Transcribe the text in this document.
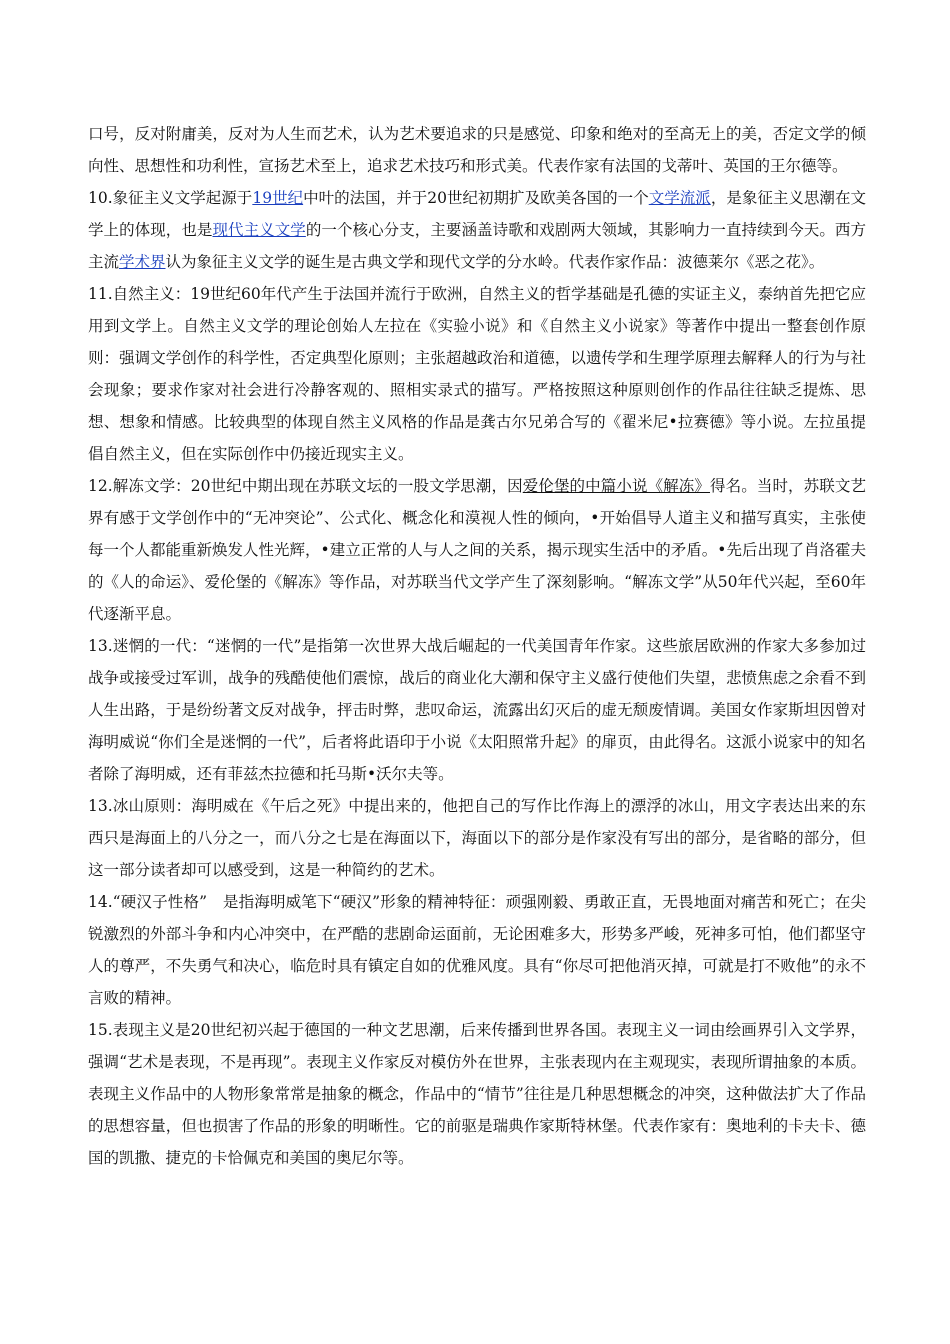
口号，反对附庸美，反对为人生而艺术，认为艺术要追求的只是感觉、印象和绝对的至高无上的美，否定文学的倾向性、思想性和功利性，宣扬艺术至上，追求艺术技巧和形式美。代表作家有法国的戈蒂叶、英国的王尔德等。

10.象征主义文学起源于19世纪中叶的法国，并于20世纪初期扩及欧美各国的一个文学流派，是象征主义思潮在文学上的体现，也是现代主义文学的一个核心分支，主要涵盖诗歌和戏剧两大领域，其影响力一直持续到今天。西方主流学术界认为象征主义文学的诞生是古典文学和现代文学的分水岭。代表作家作品：波德莱尔《恶之花》。

11.自然主义：19世纪60年代产生于法国并流行于欧洲，自然主义的哲学基础是孔德的实证主义，泰纳首先把它应用到文学上。自然主义文学的理论创始人左拉在《实验小说》和《自然主义小说家》等著作中提出一整套创作原则：强调文学创作的科学性，否定典型化原则；主张超越政治和道德，以遗传学和生理学原理去解释人的行为与社会现象；要求作家对社会进行冷静客观的、照相实录式的描写。严格按照这种原则创作的作品往往缺乏提炼、思想、想象和情感。比较典型的体现自然主义风格的作品是龚古尔兄弟合写的《翟米尼•拉赛德》等小说。左拉虽提倡自然主义，但在实际创作中仍接近现实主义。

12.解冻文学：20世纪中期出现在苏联文坛的一股文学思潮，因爱伦堡的中篇小说《解冻》得名。当时，苏联文艺界有感于文学创作中的“无冲突论”、公式化、概念化和漠视人性的倾向，•开始倡导人道主义和描写真实，主张使每一个人都能重新焕发人性光辉，•建立正常的人与人之间的关系，揭示现实生活中的矛盾。•先后出现了肖洛霍夫的《人的命运》、爱伦堡的《解冻》等作品，对苏联当代文学产生了深刻影响。“解冻文学”从50年代兴起，至60年代逐渐平息。

13.迷惘的一代：“迷惘的一代”是指第一次世界大战后崛起的一代美国青年作家。这些旅居欧洲的作家大多参加过战争或接受过军训，战争的残酷使他们震惊，战后的商业化大潮和保守主义盛行使他们失望，悲愤焦虑之余看不到人生出路，于是纷纷著文反对战争，抨击时弊，悲叹命运，流露出幻灭后的虚无颓废情调。美国女作家斯坦因曾对海明威说“你们全是迷惘的一代”，后者将此语印于小说《太阳照常升起》的扉页，由此得名。这派小说家中的知名者除了海明威，还有菲兹杰拉德和托马斯•沃尔夫等。

13.冰山原则：海明威在《午后之死》中提出来的，他把自己的写作比作海上的漂浮的冰山，用文字表达出来的东西只是海面上的八分之一，而八分之七是在海面以下，海面以下的部分是作家没有写出的部分，是省略的部分，但这一部分读者却可以感受到，这是一种简约的艺术。

14.“硬汉子性格”　是指海明威笔下“硬汉”形象的精神特征：顽强刚毅、勇敢正直，无畏地面对痛苦和死亡；在尖锐激烈的外部斗争和内心冲突中，在严酷的悲剧命运面前，无论困难多大，形势多严峻，死神多可怕，他们都坚守人的尊严，不失勇气和决心，临危时具有镇定自如的优雅风度。具有“你尽可把他消灭掉，可就是打不败他”的永不言败的精神。

15.表现主义是20世纪初兴起于德国的一种文艺思潮，后来传播到世界各国。表现主义一词由绘画界引入文学界，强调“艺术是表现，不是再现”。表现主义作家反对模仿外在世界，主张表现内在主观现实，表现所谓抽象的本质。表现主义作品中的人物形象常常是抽象的概念，作品中的“情节”往往是几种思想概念的冲突，这种做法扩大了作品的思想容量，但也损害了作品的形象的明晰性。它的前驱是瑞典作家斯特林堡。代表作家有：奥地利的卡夫卡、德国的凯撒、捷克的卡恰佩克和美国的奥尼尔等。
